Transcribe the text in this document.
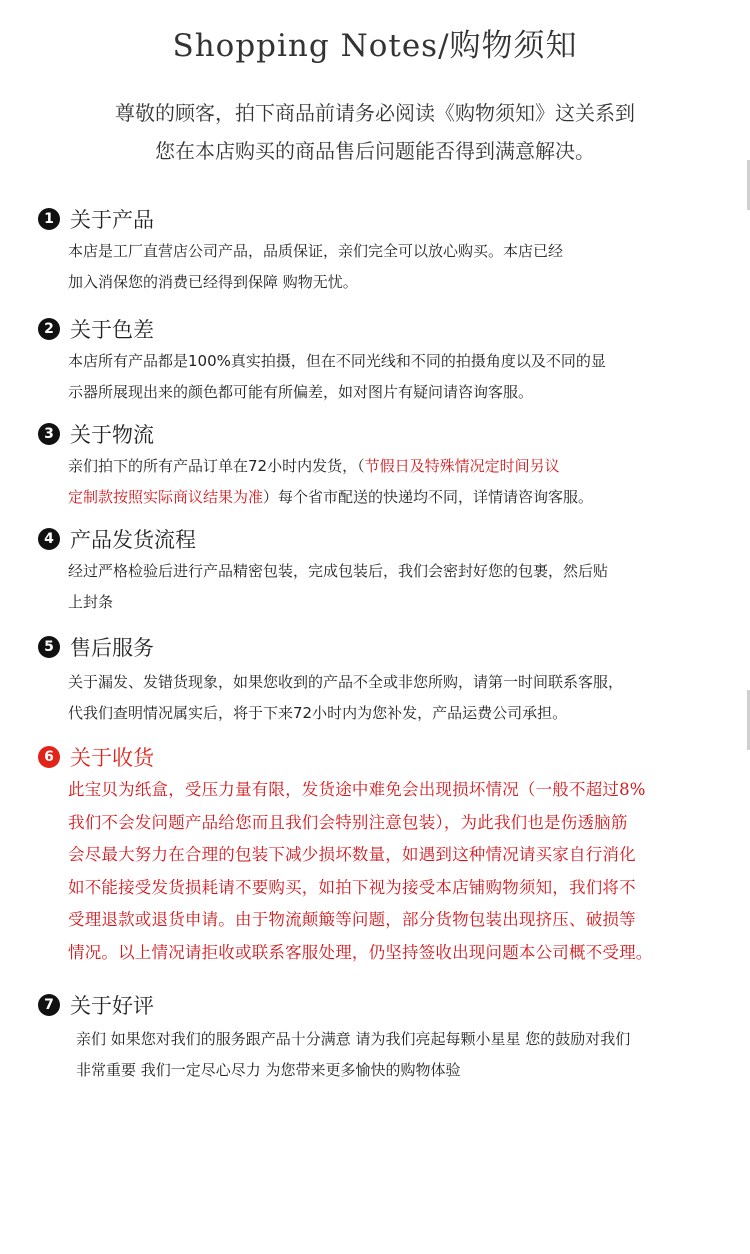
Shopping Notes/购物须知
尊敬的顾客，拍下商品前请务必阅读《购物须知》这关系到
您在本店购买的商品售后问题能否得到满意解决。
1 关于产品
本店是工厂直营店公司产品，品质保证，亲们完全可以放心购买。本店已经
加入消保您的消费已经得到保障 购物无忧。
2 关于色差
本店所有产品都是100%真实拍摄，但在不同光线和不同的拍摄角度以及不同的显
示器所展现出来的颜色都可能有所偏差，如对图片有疑问请咨询客服。
3 关于物流
亲们拍下的所有产品订单在72小时内发货，（节假日及特殊情况定时间另议
定制款按照实际商议结果为准）每个省市配送的快递均不同，详情请咨询客服。
4 产品发货流程
经过严格检验后进行产品精密包装，完成包装后，我们会密封好您的包裹，然后贴
上封条
5 售后服务
关于漏发、发错货现象，如果您收到的产品不全或非您所购，请第一时间联系客服，
代我们查明情况属实后，将于下来72小时内为您补发，产品运费公司承担。
6 关于收货
此宝贝为纸盒，受压力量有限，发货途中难免会出现损坏情况（一般不超过8%
我们不会发问题产品给您而且我们会特别注意包装），为此我们也是伤透脑筋
会尽最大努力在合理的包装下减少损坏数量，如遇到这种情况请买家自行消化
如不能接受发货损耗请不要购买，如拍下视为接受本店铺购物须知，我们将不
受理退款或退货申请。由于物流颠簸等问题，部分货物包装出现挤压、破损等
情况。以上情况请拒收或联系客服处理，仍坚持签收出现问题本公司概不受理。
7 关于好评
亲们 如果您对我们的服务跟产品十分满意 请为我们亮起每颗小星星 您的鼓励对我们
非常重要 我们一定尽心尽力 为您带来更多愉快的购物体验
